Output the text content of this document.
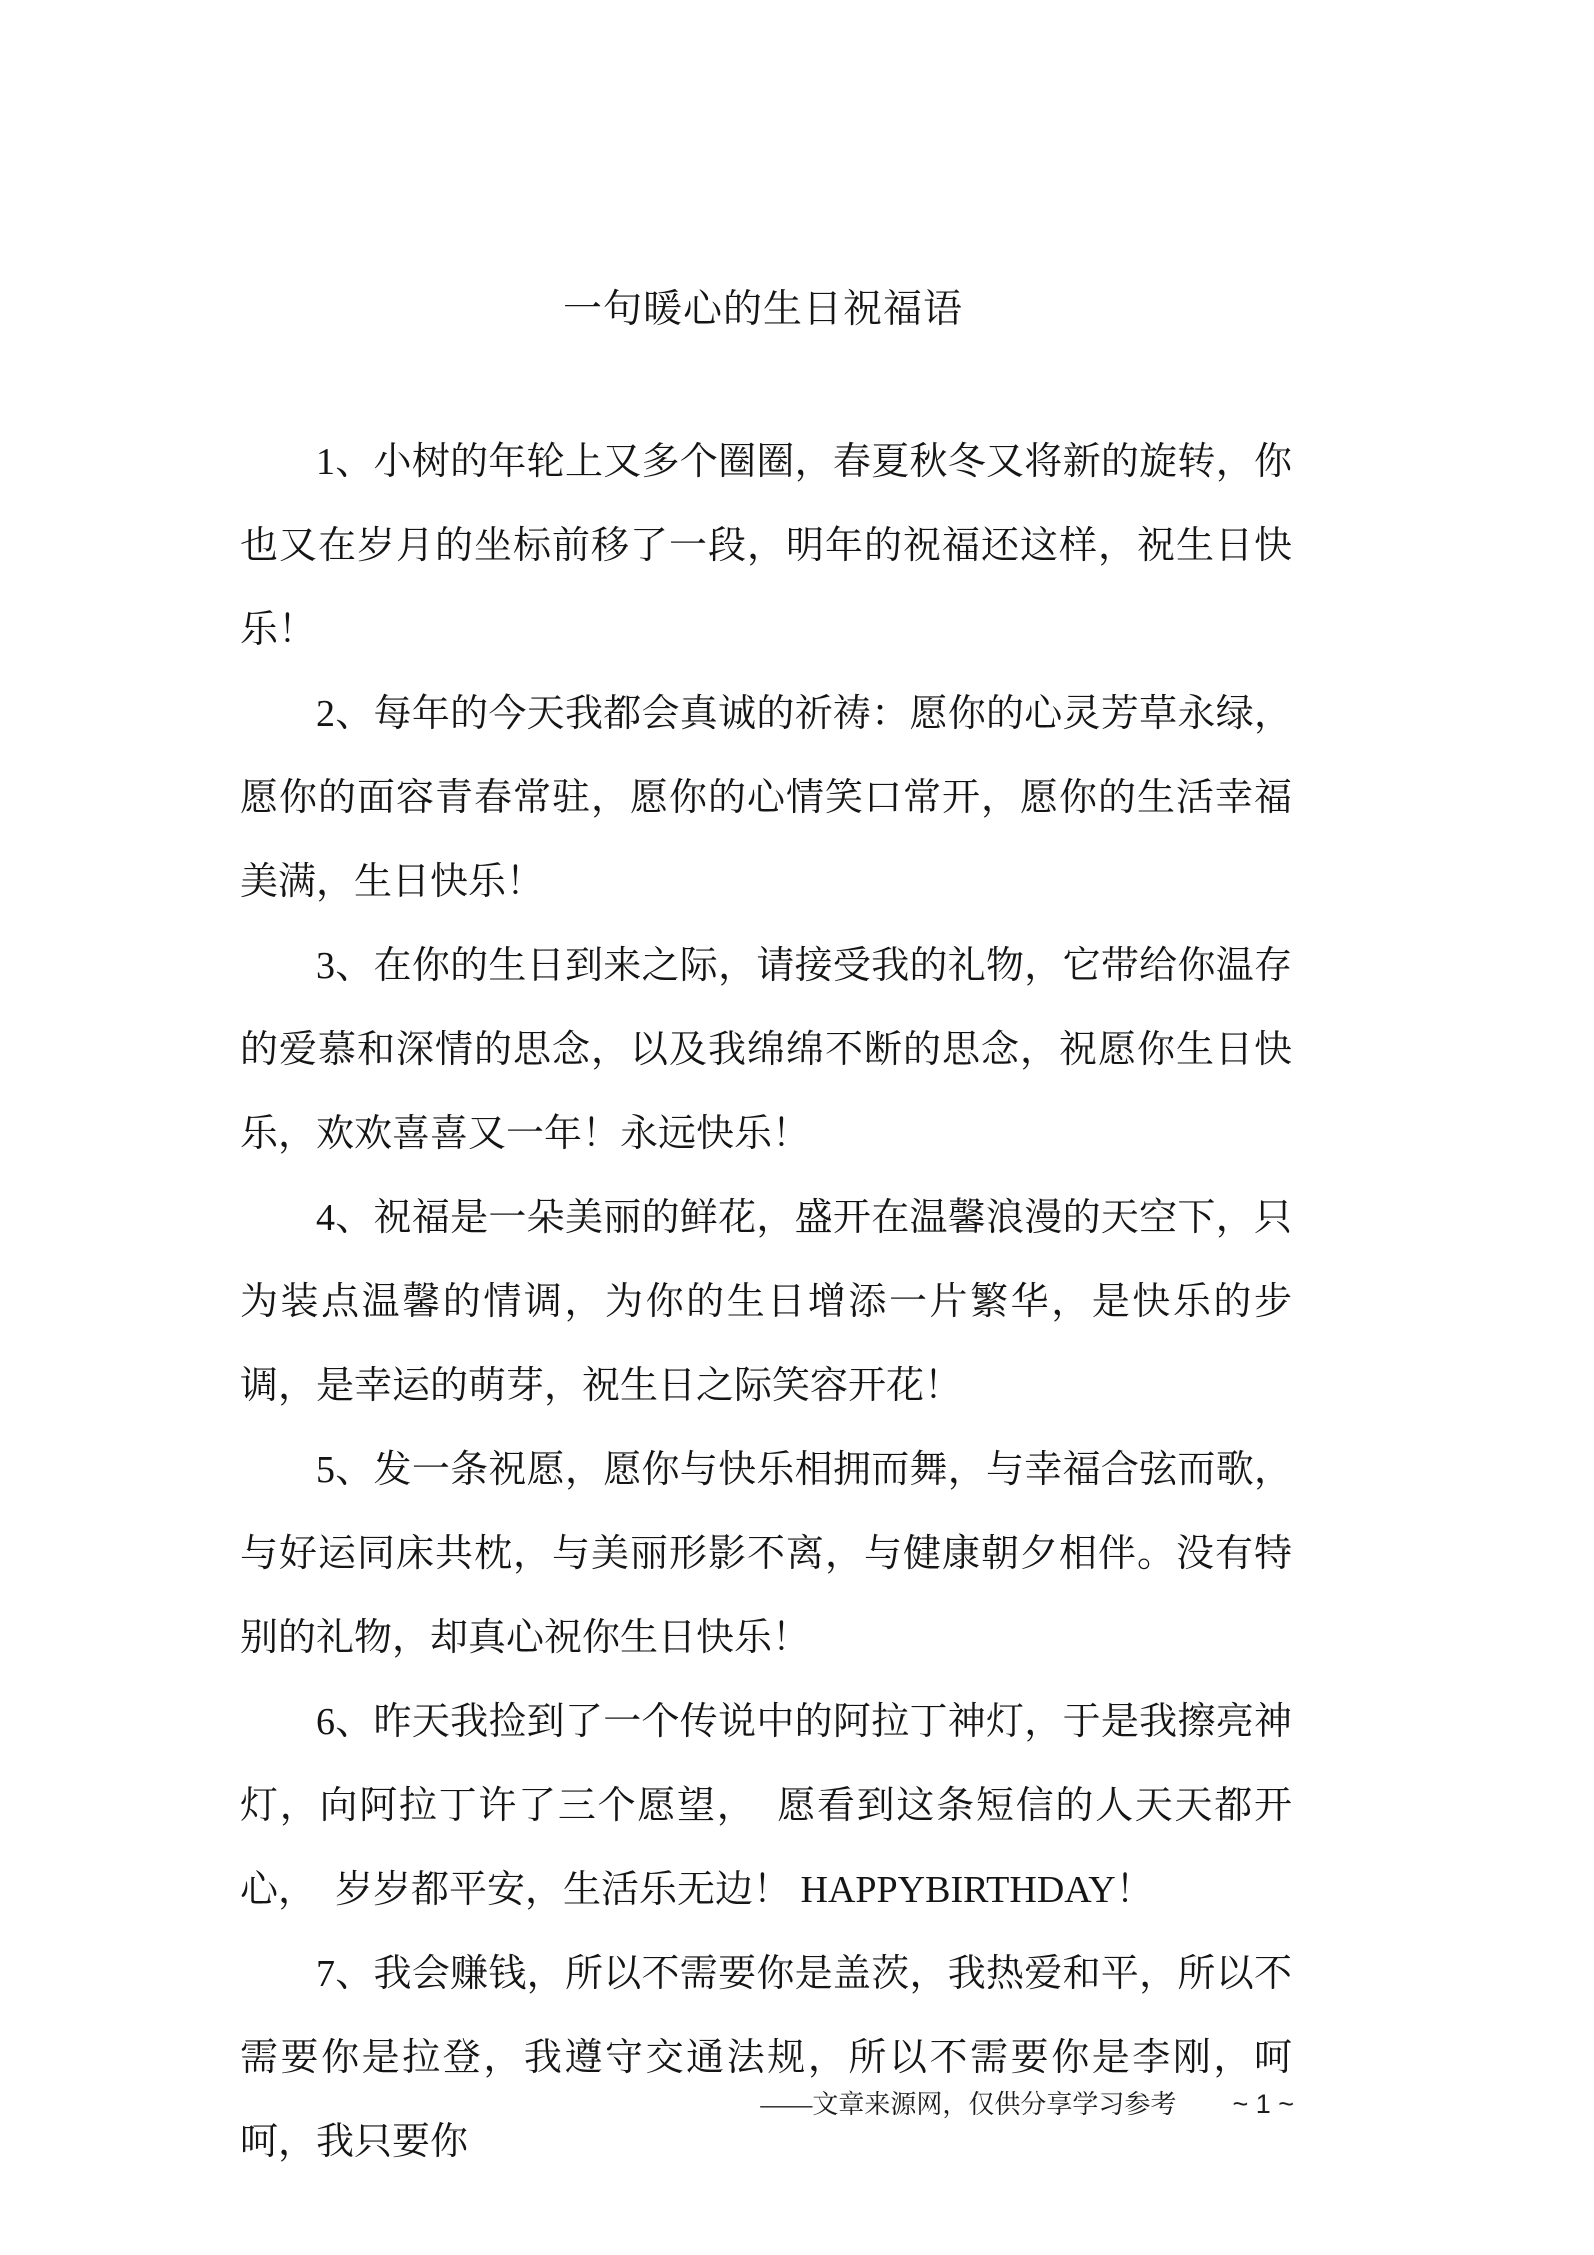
一句暖心的生日祝福语

1、小树的年轮上又多个圈圈，春夏秋冬又将新的旋转，你也又在岁月的坐标前移了一段，明年的祝福还这样，祝生日快乐！

2、每年的今天我都会真诚的祈祷：愿你的心灵芳草永绿，愿你的面容青春常驻，愿你的心情笑口常开，愿你的生活幸福美满，生日快乐！

3、在你的生日到来之际，请接受我的礼物，它带给你温存的爱慕和深情的思念，以及我绵绵不断的思念，祝愿你生日快乐，欢欢喜喜又一年！永远快乐！

4、祝福是一朵美丽的鲜花，盛开在温馨浪漫的天空下，只为装点温馨的情调，为你的生日增添一片繁华，是快乐的步调，是幸运的萌芽，祝生日之际笑容开花！

5、发一条祝愿，愿你与快乐相拥而舞，与幸福合弦而歌，与好运同床共枕，与美丽形影不离，与健康朝夕相伴。没有特别的礼物，却真心祝你生日快乐！

6、昨天我捡到了一个传说中的阿拉丁神灯，于是我擦亮神灯，向阿拉丁许了三个愿望，　愿看到这条短信的人天天都开心，　岁岁都平安，生活乐无边！ HAPPYBIRTHDAY！

7、我会赚钱，所以不需要你是盖茨，我热爱和平，所以不需要你是拉登，我遵守交通法规，所以不需要你是李刚，呵呵，我只要你

——文章来源网，仅供分享学习参考 ~ 1 ~
